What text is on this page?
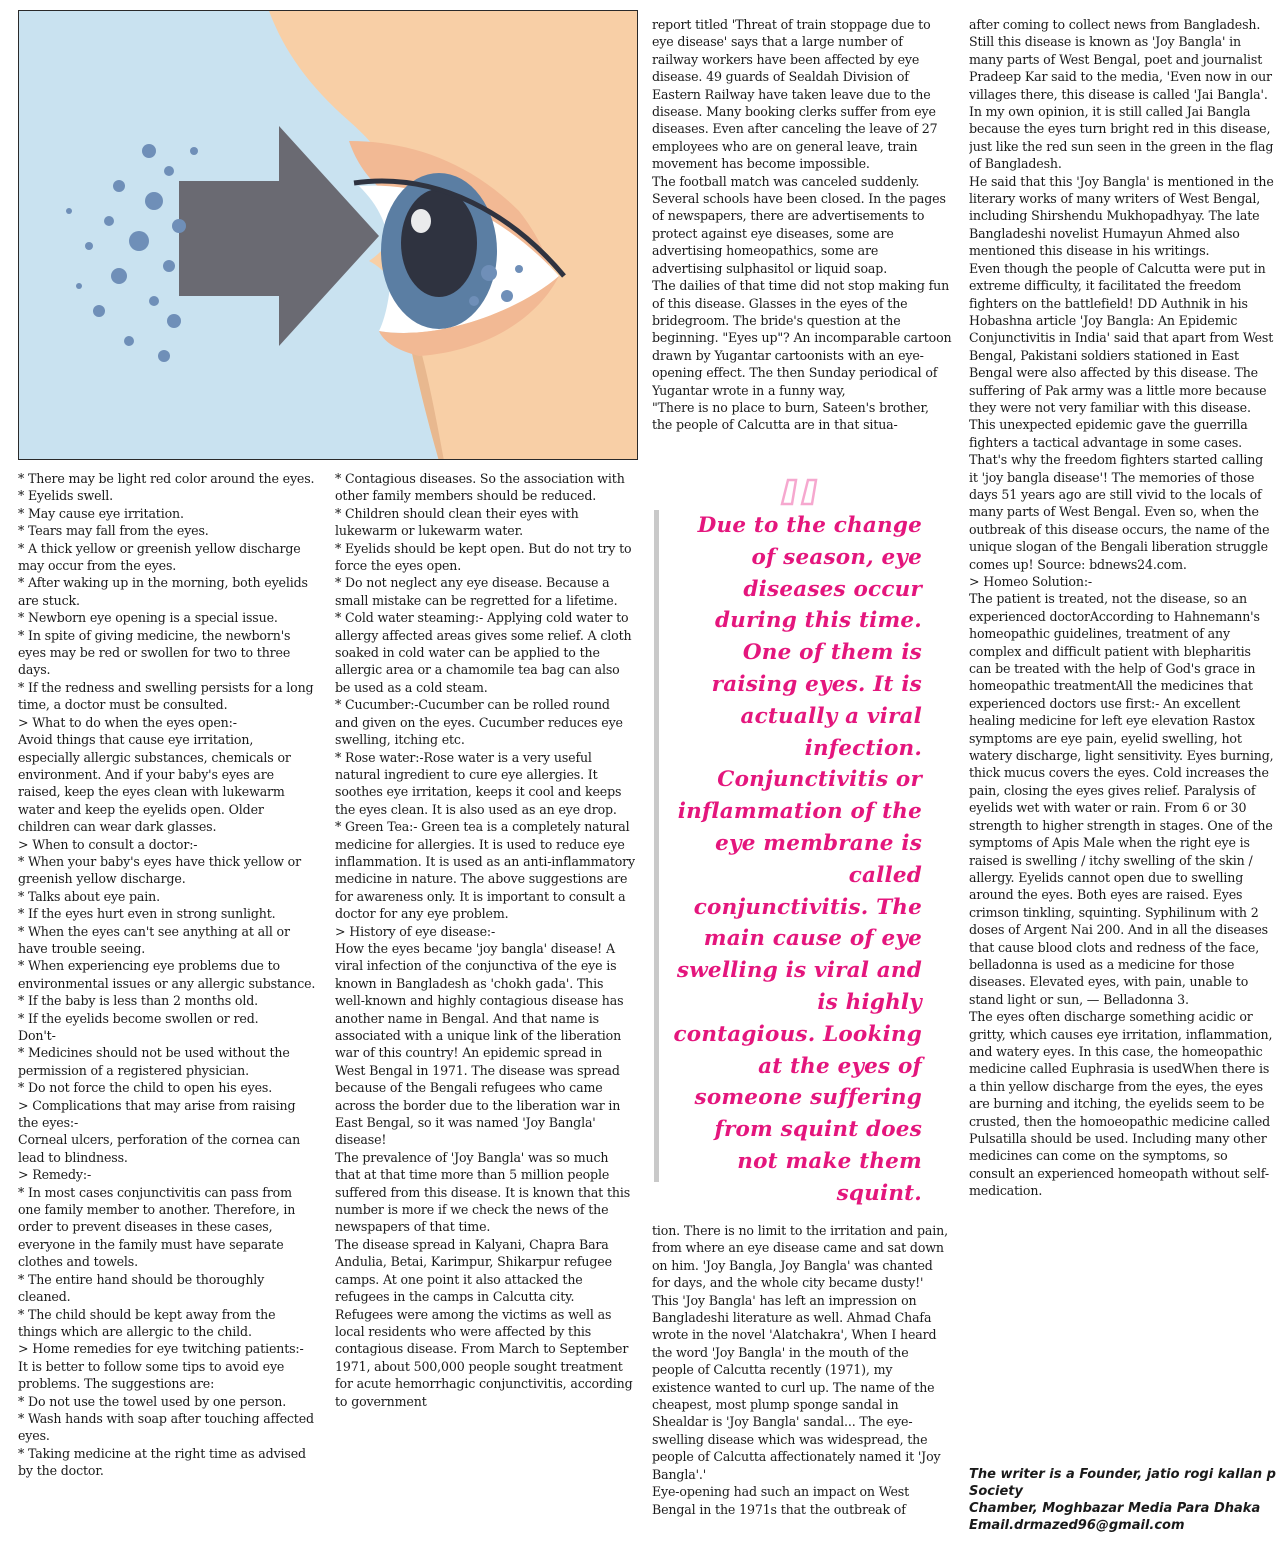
* There may be light red color around the eyes.

* Eyelids swell.

* May cause eye irritation.

* Tears may fall from the eyes.

* A thick yellow or greenish yellow discharge may occur from the eyes.

* After waking up in the morning, both eyelids are stuck.

* Newborn eye opening is a special issue.

* In spite of giving medicine, the newborn's eyes may be red or swollen for two to three days.

* If the redness and swelling persists for a long time, a doctor must be consulted.

> What to do when the eyes open:-

Avoid things that cause eye irritation, especially allergic substances, chemicals or environment. And if your baby's eyes are raised, keep the eyes clean with lukewarm water and keep the eyelids open. Older children can wear dark glasses.

> When to consult a doctor:-

* When your baby's eyes have thick yellow or greenish yellow discharge.

* Talks about eye pain.

* If the eyes hurt even in strong sunlight.

* When the eyes can't see anything at all or have trouble seeing.

* When experiencing eye problems due to environmental issues or any allergic substance.

* If the baby is less than 2 months old.

* If the eyelids become swollen or red.

Don't-

* Medicines should not be used without the permission of a registered physician.

* Do not force the child to open his eyes.

> Complications that may arise from raising the eyes:-

Corneal ulcers, perforation of the cornea can lead to blindness.

> Remedy:-

* In most cases conjunctivitis can pass from one family member to another. Therefore, in order to prevent diseases in these cases, everyone in the family must have separate clothes and towels.

* The entire hand should be thoroughly cleaned.

* The child should be kept away from the things which are allergic to the child.

> Home remedies for eye twitching patients:-

It is better to follow some tips to avoid eye problems. The suggestions are:

* Do not use the towel used by one person.

* Wash hands with soap after touching affected eyes.

* Taking medicine at the right time as advised by the doctor.

* Contagious diseases. So the association with other family members should be reduced.

* Children should clean their eyes with lukewarm or lukewarm water.

* Eyelids should be kept open. But do not try to force the eyes open.

* Do not neglect any eye disease. Because a small mistake can be regretted for a lifetime.

* Cold water steaming:- Applying cold water to allergy affected areas gives some relief. A cloth soaked in cold water can be applied to the allergic area or a chamomile tea bag can also be used as a cold steam.

* Cucumber:-Cucumber can be rolled round and given on the eyes. Cucumber reduces eye swelling, itching etc.

* Rose water:-Rose water is a very useful natural ingredient to cure eye allergies. It soothes eye irritation, keeps it cool and keeps the eyes clean. It is also used as an eye drop.

* Green Tea:- Green tea is a completely natural medicine for allergies. It is used to reduce eye inflammation. It is used as an anti-inflammatory medicine in nature. The above suggestions are for awareness only. It is important to consult a doctor for any eye problem.

> History of eye disease:-

How the eyes became 'joy bangla' disease! A viral infection of the conjunctiva of the eye is known in Bangladesh as 'chokh gada'. This well-known and highly contagious disease has another name in Bengal. And that name is associated with a unique link of the liberation war of this country! An epidemic spread in West Bengal in 1971. The disease was spread because of the Bengali refugees who came across the border due to the liberation war in East Bengal, so it was named 'Joy Bangla' disease!

The prevalence of 'Joy Bangla' was so much that at that time more than 5 million people suffered from this disease. It is known that this number is more if we check the news of the newspapers of that time.

The disease spread in Kalyani, Chapra Bara Andulia, Betai, Karimpur, Shikarpur refugee camps. At one point it also attacked the refugees in the camps in Calcutta city.

Refugees were among the victims as well as local residents who were affected by this contagious disease. From March to September 1971, about 500,000 people sought treatment for acute hemorrhagic conjunctivitis, according to government

report titled 'Threat of train stoppage due to eye disease' says that a large number of railway workers have been affected by eye disease. 49 guards of Sealdah Division of Eastern Railway have taken leave due to the disease. Many booking clerks suffer from eye diseases. Even after canceling the leave of 27 employees who are on general leave, train movement has become impossible.

The football match was canceled suddenly. Several schools have been closed. In the pages of newspapers, there are advertisements to protect against eye diseases, some are advertising homeopathics, some are advertising sulphasitol or liquid soap.

The dailies of that time did not stop making fun of this disease. Glasses in the eyes of the bridegroom. The bride's question at the beginning. "Eyes up"? An incomparable cartoon drawn by Yugantar cartoonists with an eye-opening effect. The then Sunday periodical of Yugantar wrote in a funny way,

"There is no place to burn, Sateen's brother, the people of Calcutta are in that situa-

Due to the change of season, eye diseases occur during this time. One of them is raising eyes. It is actually a viral infection. Conjunctivitis or inflammation of the eye membrane is called conjunctivitis. The main cause of eye swelling is viral and is highly contagious. Looking at the eyes of someone suffering from squint does not make them squint.

tion. There is no limit to the irritation and pain, from where an eye disease came and sat down on him. 'Joy Bangla, Joy Bangla' was chanted for days, and the whole city became dusty!'

This 'Joy Bangla' has left an impression on Bangladeshi literature as well. Ahmad Chafa wrote in the novel 'Alatchakra', When I heard the word 'Joy Bangla' in the mouth of the people of Calcutta recently (1971), my existence wanted to curl up. The name of the cheapest, most plump sponge sandal in Shealdar is 'Joy Bangla' sandal... The eye-swelling disease which was widespread, the people of Calcutta affectionately named it 'Joy Bangla'.'

Eye-opening had such an impact on West Bengal in the 1971s that the outbreak of

after coming to collect news from Bangladesh.

Still this disease is known as 'Joy Bangla' in many parts of West Bengal, poet and journalist Pradeep Kar said to the media, 'Even now in our villages there, this disease is called 'Jai Bangla'. In my own opinion, it is still called Jai Bangla because the eyes turn bright red in this disease, just like the red sun seen in the green in the flag of Bangladesh.

He said that this 'Joy Bangla' is mentioned in the literary works of many writers of West Bengal, including Shirshendu Mukhopadhyay. The late Bangladeshi novelist Humayun Ahmed also mentioned this disease in his writings.

Even though the people of Calcutta were put in extreme difficulty, it facilitated the freedom fighters on the battlefield! DD Authnik in his Hobashna article 'Joy Bangla: An Epidemic Conjunctivitis in India' said that apart from West Bengal, Pakistani soldiers stationed in East Bengal were also affected by this disease. The suffering of Pak army was a little more because they were not very familiar with this disease. This unexpected epidemic gave the guerrilla fighters a tactical advantage in some cases. That's why the freedom fighters started calling it 'joy bangla disease'! The memories of those days 51 years ago are still vivid to the locals of many parts of West Bengal. Even so, when the outbreak of this disease occurs, the name of the unique slogan of the Bengali liberation struggle comes up! Source: bdnews24.com.

> Homeo Solution:-

The patient is treated, not the disease, so an experienced doctorAccording to Hahnemann's homeopathic guidelines, treatment of any complex and difficult patient with blepharitis can be treated with the help of God's grace in homeopathic treatmentAll the medicines that experienced doctors use first:- An excellent healing medicine for left eye elevation Rastox symptoms are eye pain, eyelid swelling, hot watery discharge, light sensitivity. Eyes burning, thick mucus covers the eyes. Cold increases the pain, closing the eyes gives relief. Paralysis of eyelids wet with water or rain. From 6 or 30 strength to higher strength in stages. One of the symptoms of Apis Male when the right eye is raised is swelling / itchy swelling of the skin / allergy. Eyelids cannot open due to swelling around the eyes. Both eyes are raised. Eyes crimson tinkling, squinting. Syphilinum with 2 doses of Argent Nai 200. And in all the diseases that cause blood clots and redness of the face, belladonna is used as a medicine for those diseases. Elevated eyes, with pain, unable to stand light or sun, — Belladonna 3.

The eyes often discharge something acidic or gritty, which causes eye irritation, inflammation, and watery eyes. In this case, the homeopathic medicine called Euphrasia is usedWhen there is a thin yellow discharge from the eyes, the eyes are burning and itching, the eyelids seem to be crusted, then the homoeopathic medicine called Pulsatilla should be used. Including many other medicines can come on the symptoms, so consult an experienced homeopath without self-medication.

The writer is a Founder, jatio rogi kallan p Society
Chamber, Moghbazar Media Para Dhaka
Email.drmazed96@gmail.com
